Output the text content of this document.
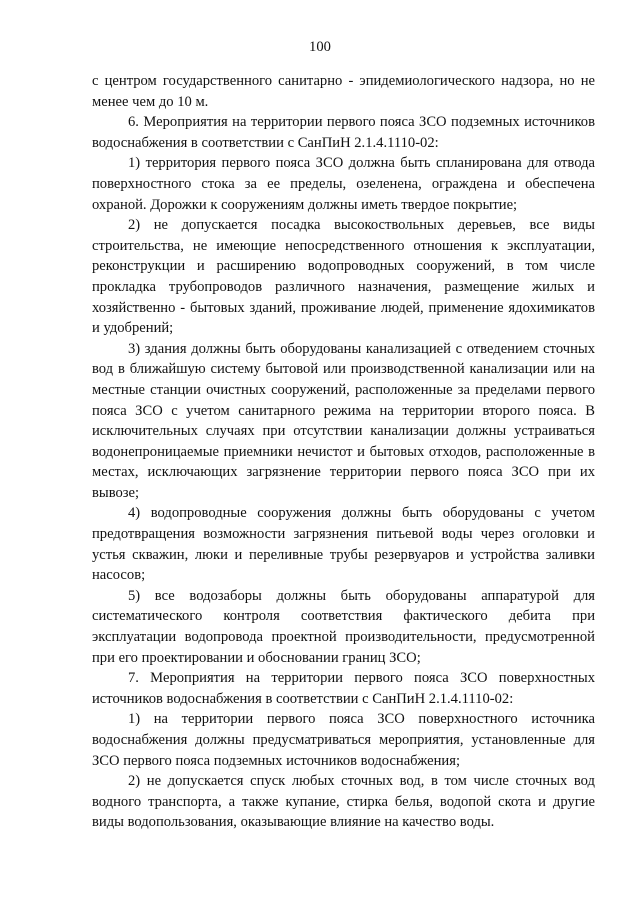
100

с центром государственного санитарно - эпидемиологического надзора, но не менее чем до 10 м.

6. Мероприятия на территории первого пояса ЗСО подземных источников водоснабжения в соответствии с СанПиН 2.1.4.1110-02:

1) территория первого пояса ЗСО должна быть спланирована для отвода поверхностного стока за ее пределы, озеленена, ограждена и обеспечена охраной. Дорожки к сооружениям должны иметь твердое покрытие;

2) не допускается посадка высокоствольных деревьев, все виды строительства, не имеющие непосредственного отношения к эксплуатации, реконструкции и расширению водопроводных сооружений, в том числе прокладка трубопроводов различного назначения, размещение жилых и хозяйственно - бытовых зданий, проживание людей, применение ядохимикатов и удобрений;

3) здания должны быть оборудованы канализацией с отведением сточных вод в ближайшую систему бытовой или производственной канализации или на местные станции очистных сооружений, расположенные за пределами первого пояса ЗСО с учетом санитарного режима на территории второго пояса. В исключительных случаях при отсутствии канализации должны устраиваться водонепроницаемые приемники нечистот и бытовых отходов, расположенные в местах, исключающих загрязнение территории первого пояса ЗСО при их вывозе;

4) водопроводные сооружения должны быть оборудованы с учетом предотвращения возможности загрязнения питьевой воды через оголовки и устья скважин, люки и переливные трубы резервуаров и устройства заливки насосов;

5) все водозаборы должны быть оборудованы аппаратурой для систематического контроля соответствия фактического дебита при эксплуатации водопровода проектной производительности, предусмотренной при его проектировании и обосновании границ ЗСО;

7. Мероприятия на территории первого пояса ЗСО поверхностных источников водоснабжения в соответствии с СанПиН 2.1.4.1110-02:

1) на территории первого пояса ЗСО поверхностного источника водоснабжения должны предусматриваться мероприятия, установленные для ЗСО первого пояса подземных источников водоснабжения;

2) не допускается спуск любых сточных вод, в том числе сточных вод водного транспорта, а также купание, стирка белья, водопой скота и другие виды водопользования, оказывающие влияние на качество воды.
